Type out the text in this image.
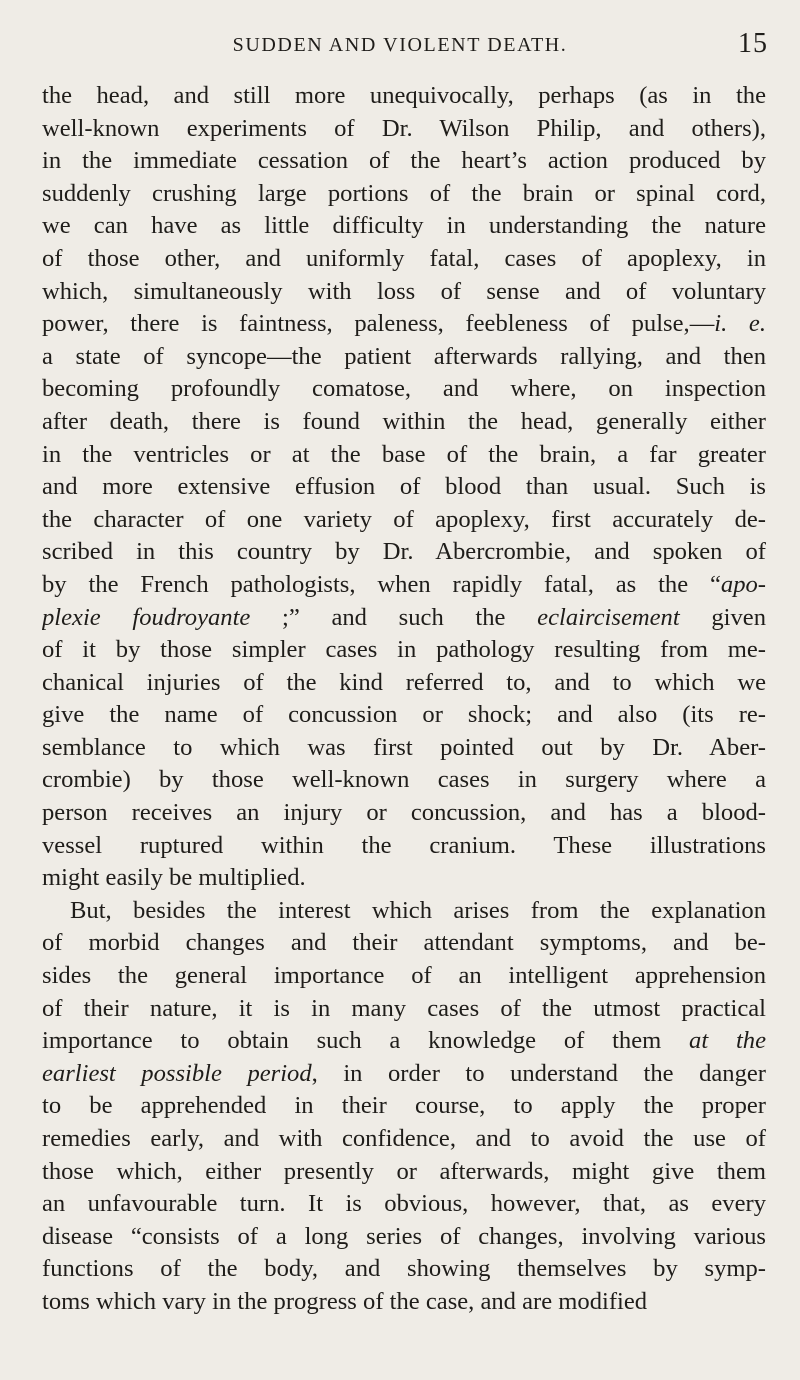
SUDDEN AND VIOLENT DEATH.	15
the head, and still more unequivocally, perhaps (as in the
well-known experiments of Dr. Wilson Philip, and others),
in the immediate cessation of the heart’s action produced by
suddenly crushing large portions of the brain or spinal cord,
we can have as little difficulty in understanding the nature
of those other, and uniformly fatal, cases of apoplexy, in
which, simultaneously with loss of sense and of voluntary
power, there is faintness, paleness, feebleness of pulse,—i. e.
a state of syncope—the patient afterwards rallying, and then
becoming profoundly comatose, and where, on inspection
after death, there is found within the head, generally either
in the ventricles or at the base of the brain, a far greater
and more extensive effusion of blood than usual. Such is
the character of one variety of apoplexy, first accurately de-
scribed in this country by Dr. Abercrombie, and spoken of
by the French pathologists, when rapidly fatal, as the “apo-
plexie foudroyante ;” and such the eclaircisement given
of it by those simpler cases in pathology resulting from me-
chanical injuries of the kind referred to, and to which we
give the name of concussion or shock; and also (its re-
semblance to which was first pointed out by Dr. Aber-
crombie) by those well-known cases in surgery where a
person receives an injury or concussion, and has a blood-
vessel ruptured within the cranium. These illustrations
might easily be multiplied.
But, besides the interest which arises from the explanation
of morbid changes and their attendant symptoms, and be-
sides the general importance of an intelligent apprehension
of their nature, it is in many cases of the utmost practical
importance to obtain such a knowledge of them at the
earliest possible period, in order to understand the danger
to be apprehended in their course, to apply the proper
remedies early, and with confidence, and to avoid the use of
those which, either presently or afterwards, might give them
an unfavourable turn. It is obvious, however, that, as every
disease “consists of a long series of changes, involving various
functions of the body, and showing themselves by symp-
toms which vary in the progress of the case, and are modified
